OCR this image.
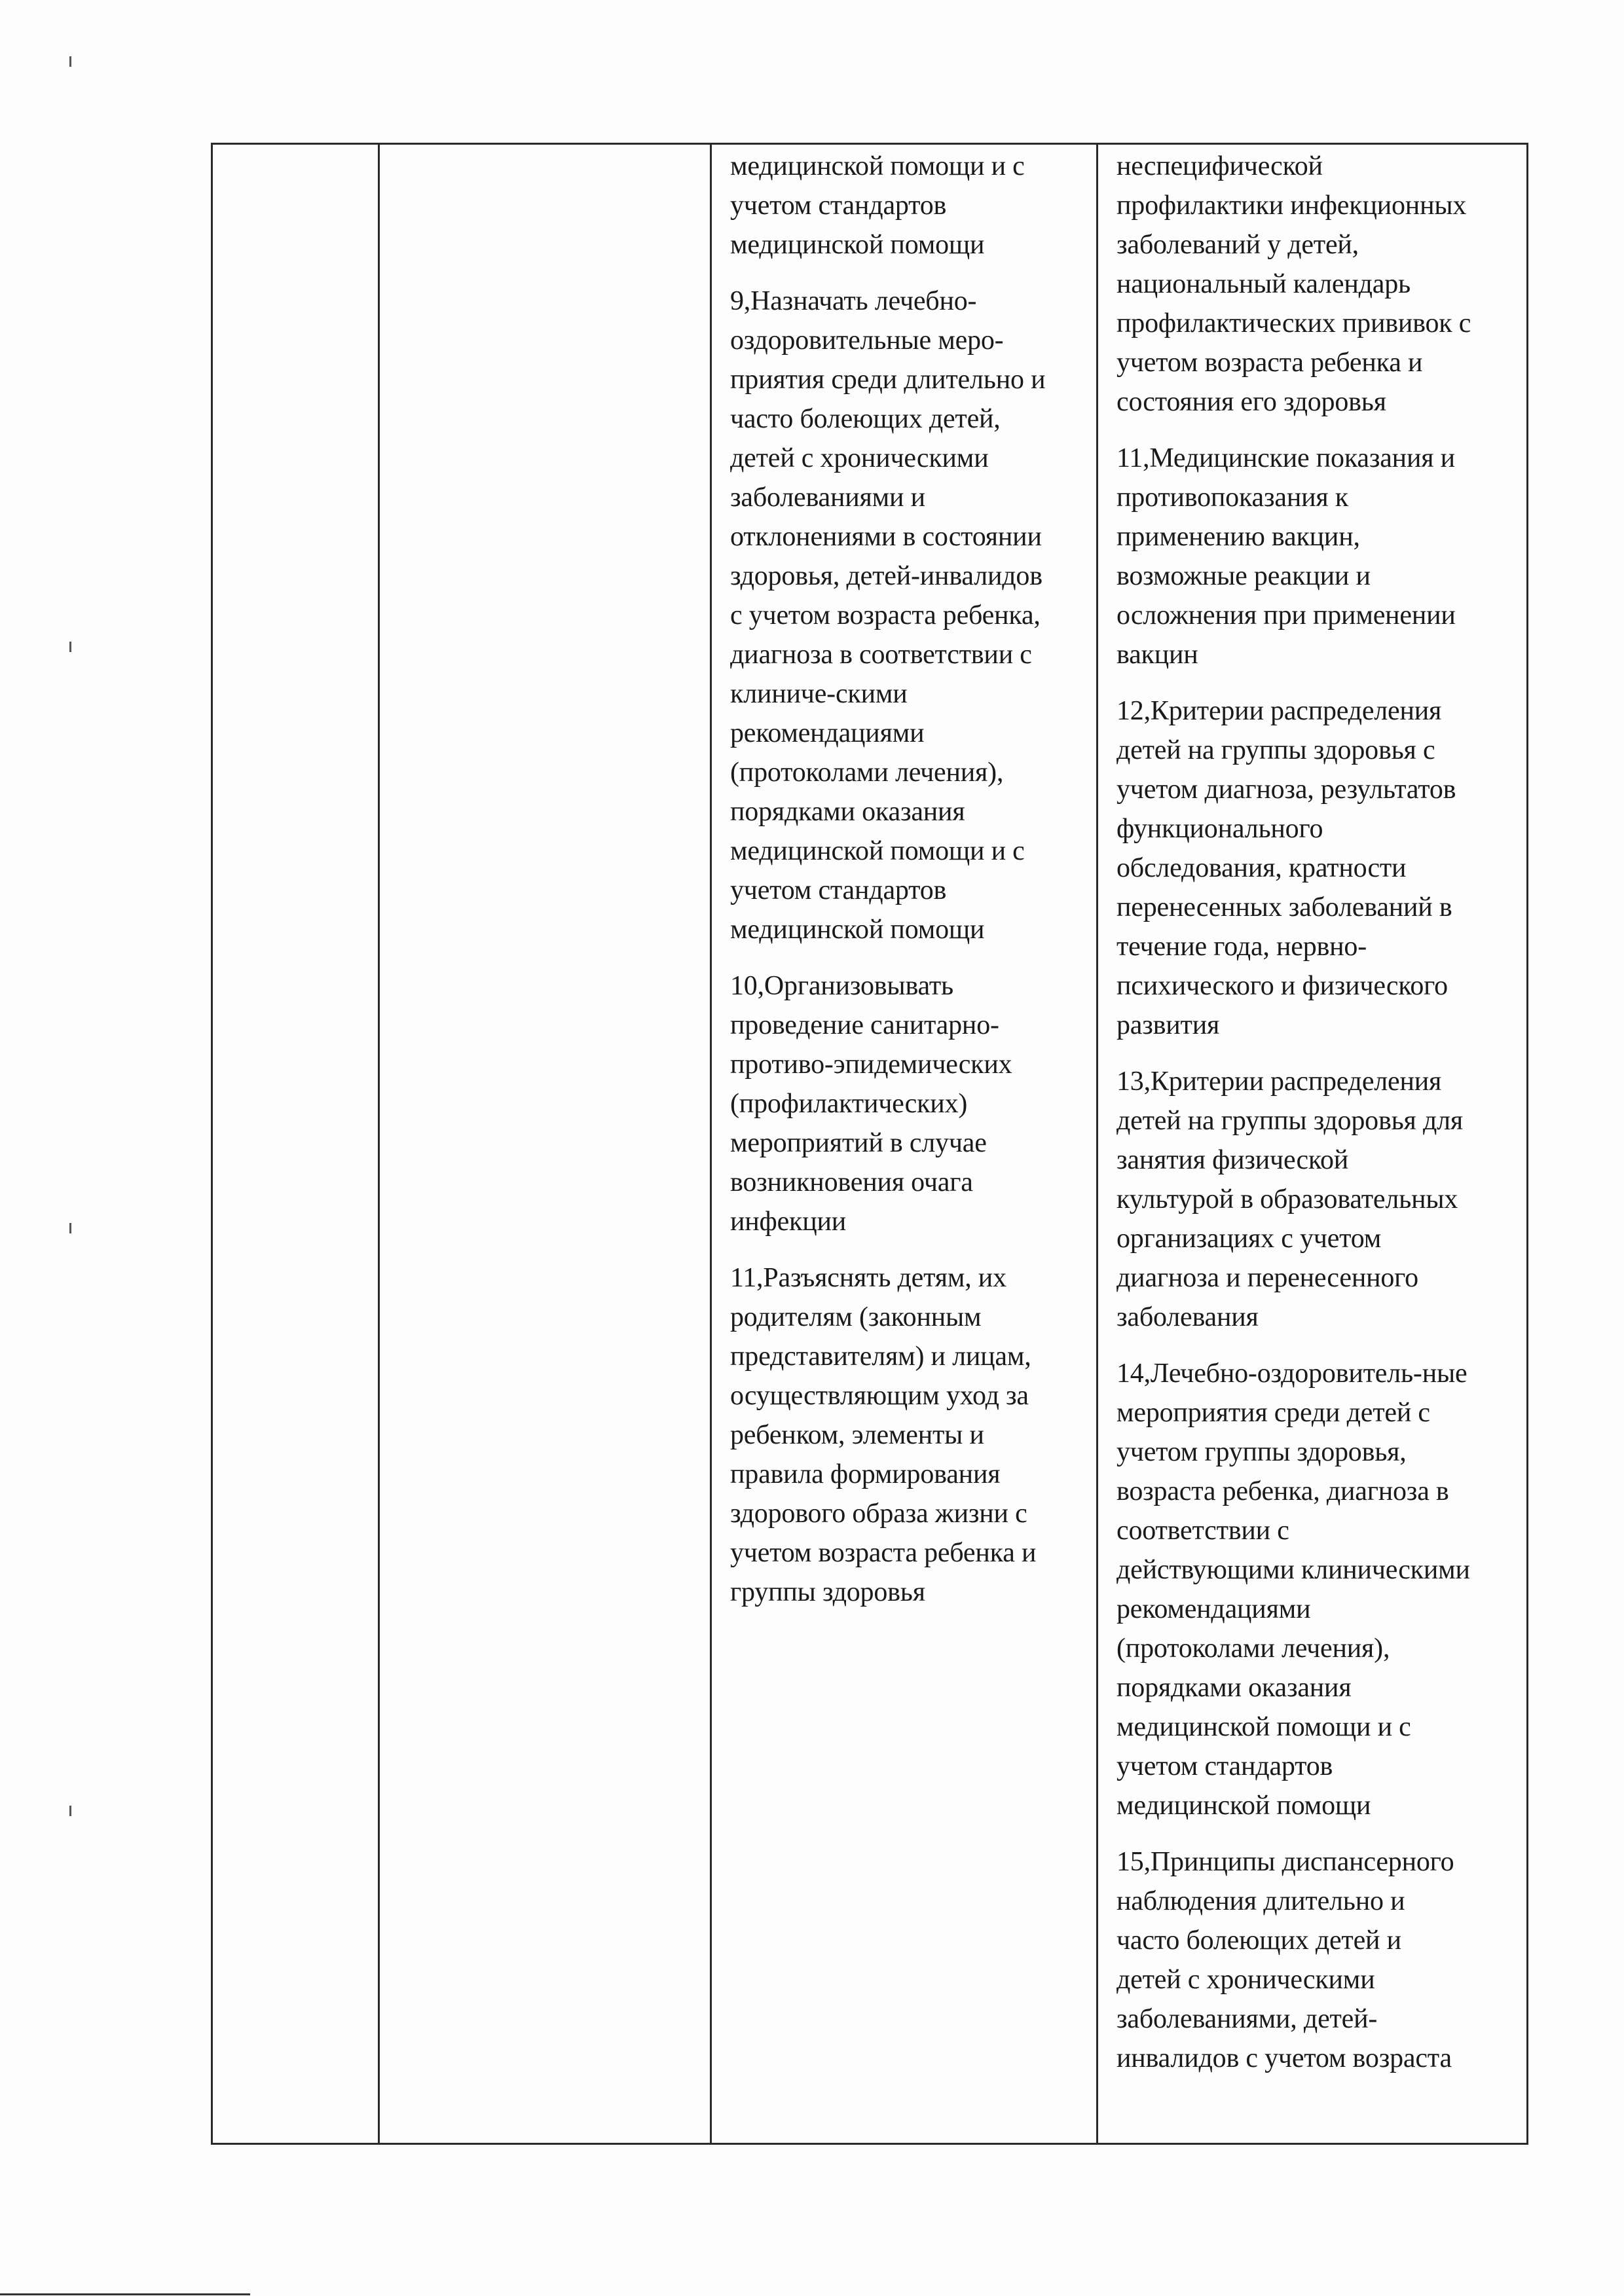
медицинской помощи и с
учетом стандартов
медицинской помощи

9,Назначать лечебно-
оздоровительные меро-
приятия среди длительно и
часто болеющих детей,
детей с хроническими
заболеваниями и
отклонениями в состоянии
здоровья, детей-инвалидов
с учетом возраста ребенка,
диагноза в соответствии с
клиниче-скими
рекомендациями
(протоколами лечения),
порядками оказания
медицинской помощи и с
учетом стандартов
медицинской помощи

10,Организовывать
проведение санитарно-
противо-эпидемических
(профилактических)
мероприятий в случае
возникновения очага
инфекции

11,Разъяснять детям, их
родителям (законным
представителям) и лицам,
осуществляющим уход за
ребенком, элементы и
правила формирования
здорового образа жизни с
учетом возраста ребенка и
группы здоровья

неспецифической
профилактики инфекционных
заболеваний у детей,
национальный календарь
профилактических прививок с
учетом возраста ребенка и
состояния его здоровья

11,Медицинские показания и
противопоказания к
применению вакцин,
возможные реакции и
осложнения при применении
вакцин

12,Критерии распределения
детей на группы здоровья с
учетом диагноза, результатов
функционального
обследования, кратности
перенесенных заболеваний в
течение года, нервно-
психического и физического
развития

13,Критерии распределения
детей на группы здоровья для
занятия физической
культурой в образовательных
организациях с учетом
диагноза и перенесенного
заболевания

14,Лечебно-оздоровитель-ные
мероприятия среди детей с
учетом группы здоровья,
возраста ребенка, диагноза в
соответствии с
действующими клиническими
рекомендациями
(протоколами лечения),
порядками оказания
медицинской помощи и с
учетом стандартов
медицинской помощи

15,Принципы диспансерного
наблюдения длительно и
часто болеющих детей и
детей с хроническими
заболеваниями, детей-
инвалидов с учетом возраста
